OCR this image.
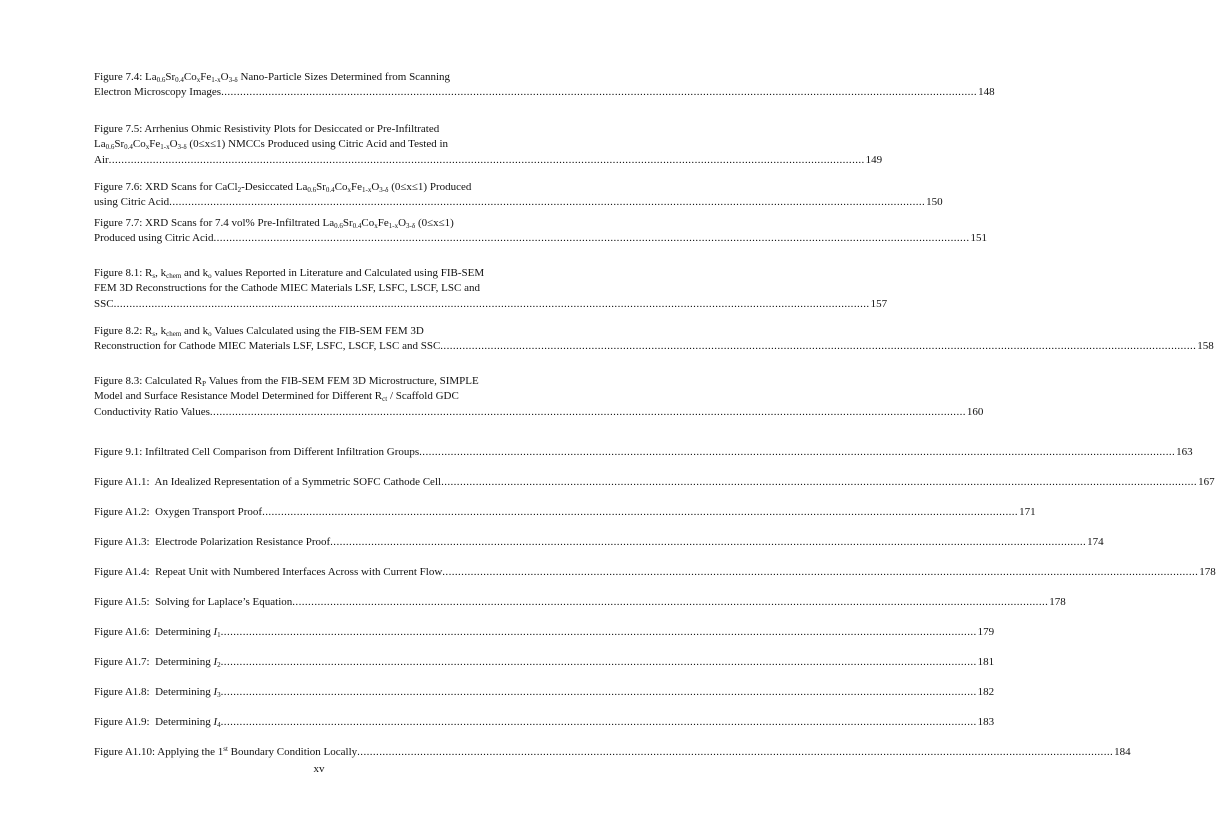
Figure 7.4: $La_{0.6}Sr_{0.4}Co_xFe_{1-x}O_{3-\delta}$ Nano-Particle Sizes Determined from Scanning
Electron Microscopy Images .....	148
Figure 7.5: Arrhenius Ohmic Resistivity Plots for Desiccated or Pre-Infiltrated
$La_{0.6}Sr_{0.4}Co_xFe_{1-x}O_{3-\delta}$ (0≤x≤1) NMCCs Produced using Citric Acid and Tested in
Air .....	149
Figure 7.6: XRD Scans for CaCl$_2$-Desiccated $La_{0.6}Sr_{0.4}Co_xFe_{1-x}O_{3-\delta}$ (0≤x≤1) Produced
using Citric Acid .....	150
Figure 7.7: XRD Scans for 7.4 vol% Pre-Infiltrated $La_{0.6}Sr_{0.4}Co_xFe_{1-x}O_{3-\delta}$ (0≤x≤1)
Produced using Citric Acid .....	151
Figure 8.1: $R_s$, $k_{chem}$ and $k_o$ values Reported in Literature and Calculated using FIB-SEM
FEM 3D Reconstructions for the Cathode MIEC Materials LSF, LSFC, LSCF, LSC and
SSC .....	157
Figure 8.2: $R_s$, $k_{chem}$ and $k_o$ Values Calculated using the FIB-SEM FEM 3D
Reconstruction for Cathode MIEC Materials LSF, LSFC, LSCF, LSC and SSC .....	158
Figure 8.3: Calculated $R_P$ Values from the FIB-SEM FEM 3D Microstructure, SIMPLE
Model and Surface Resistance Model Determined for Different $R_{ct}$ / Scaffold GDC
Conductivity Ratio Values .....	160
Figure 9.1: Infiltrated Cell Comparison from Different Infiltration Groups .....	163
Figure A1.1:  An Idealized Representation of a Symmetric SOFC Cathode Cell .....	167
Figure A1.2:  Oxygen Transport Proof .....	171
Figure A1.3:  Electrode Polarization Resistance Proof .....	174
Figure A1.4:  Repeat Unit with Numbered Interfaces Across with Current Flow .....	178
Figure A1.5:  Solving for Laplace’s Equation .....	178
Figure A1.6:  Determining $I_1$ .....	179
Figure A1.7:  Determining $I_2$ .....	181
Figure A1.8:  Determining $I_3$ .....	182
Figure A1.9:  Determining $I_4$ .....	183
Figure A1.10: Applying the 1st Boundary Condition Locally .....	184
xv
